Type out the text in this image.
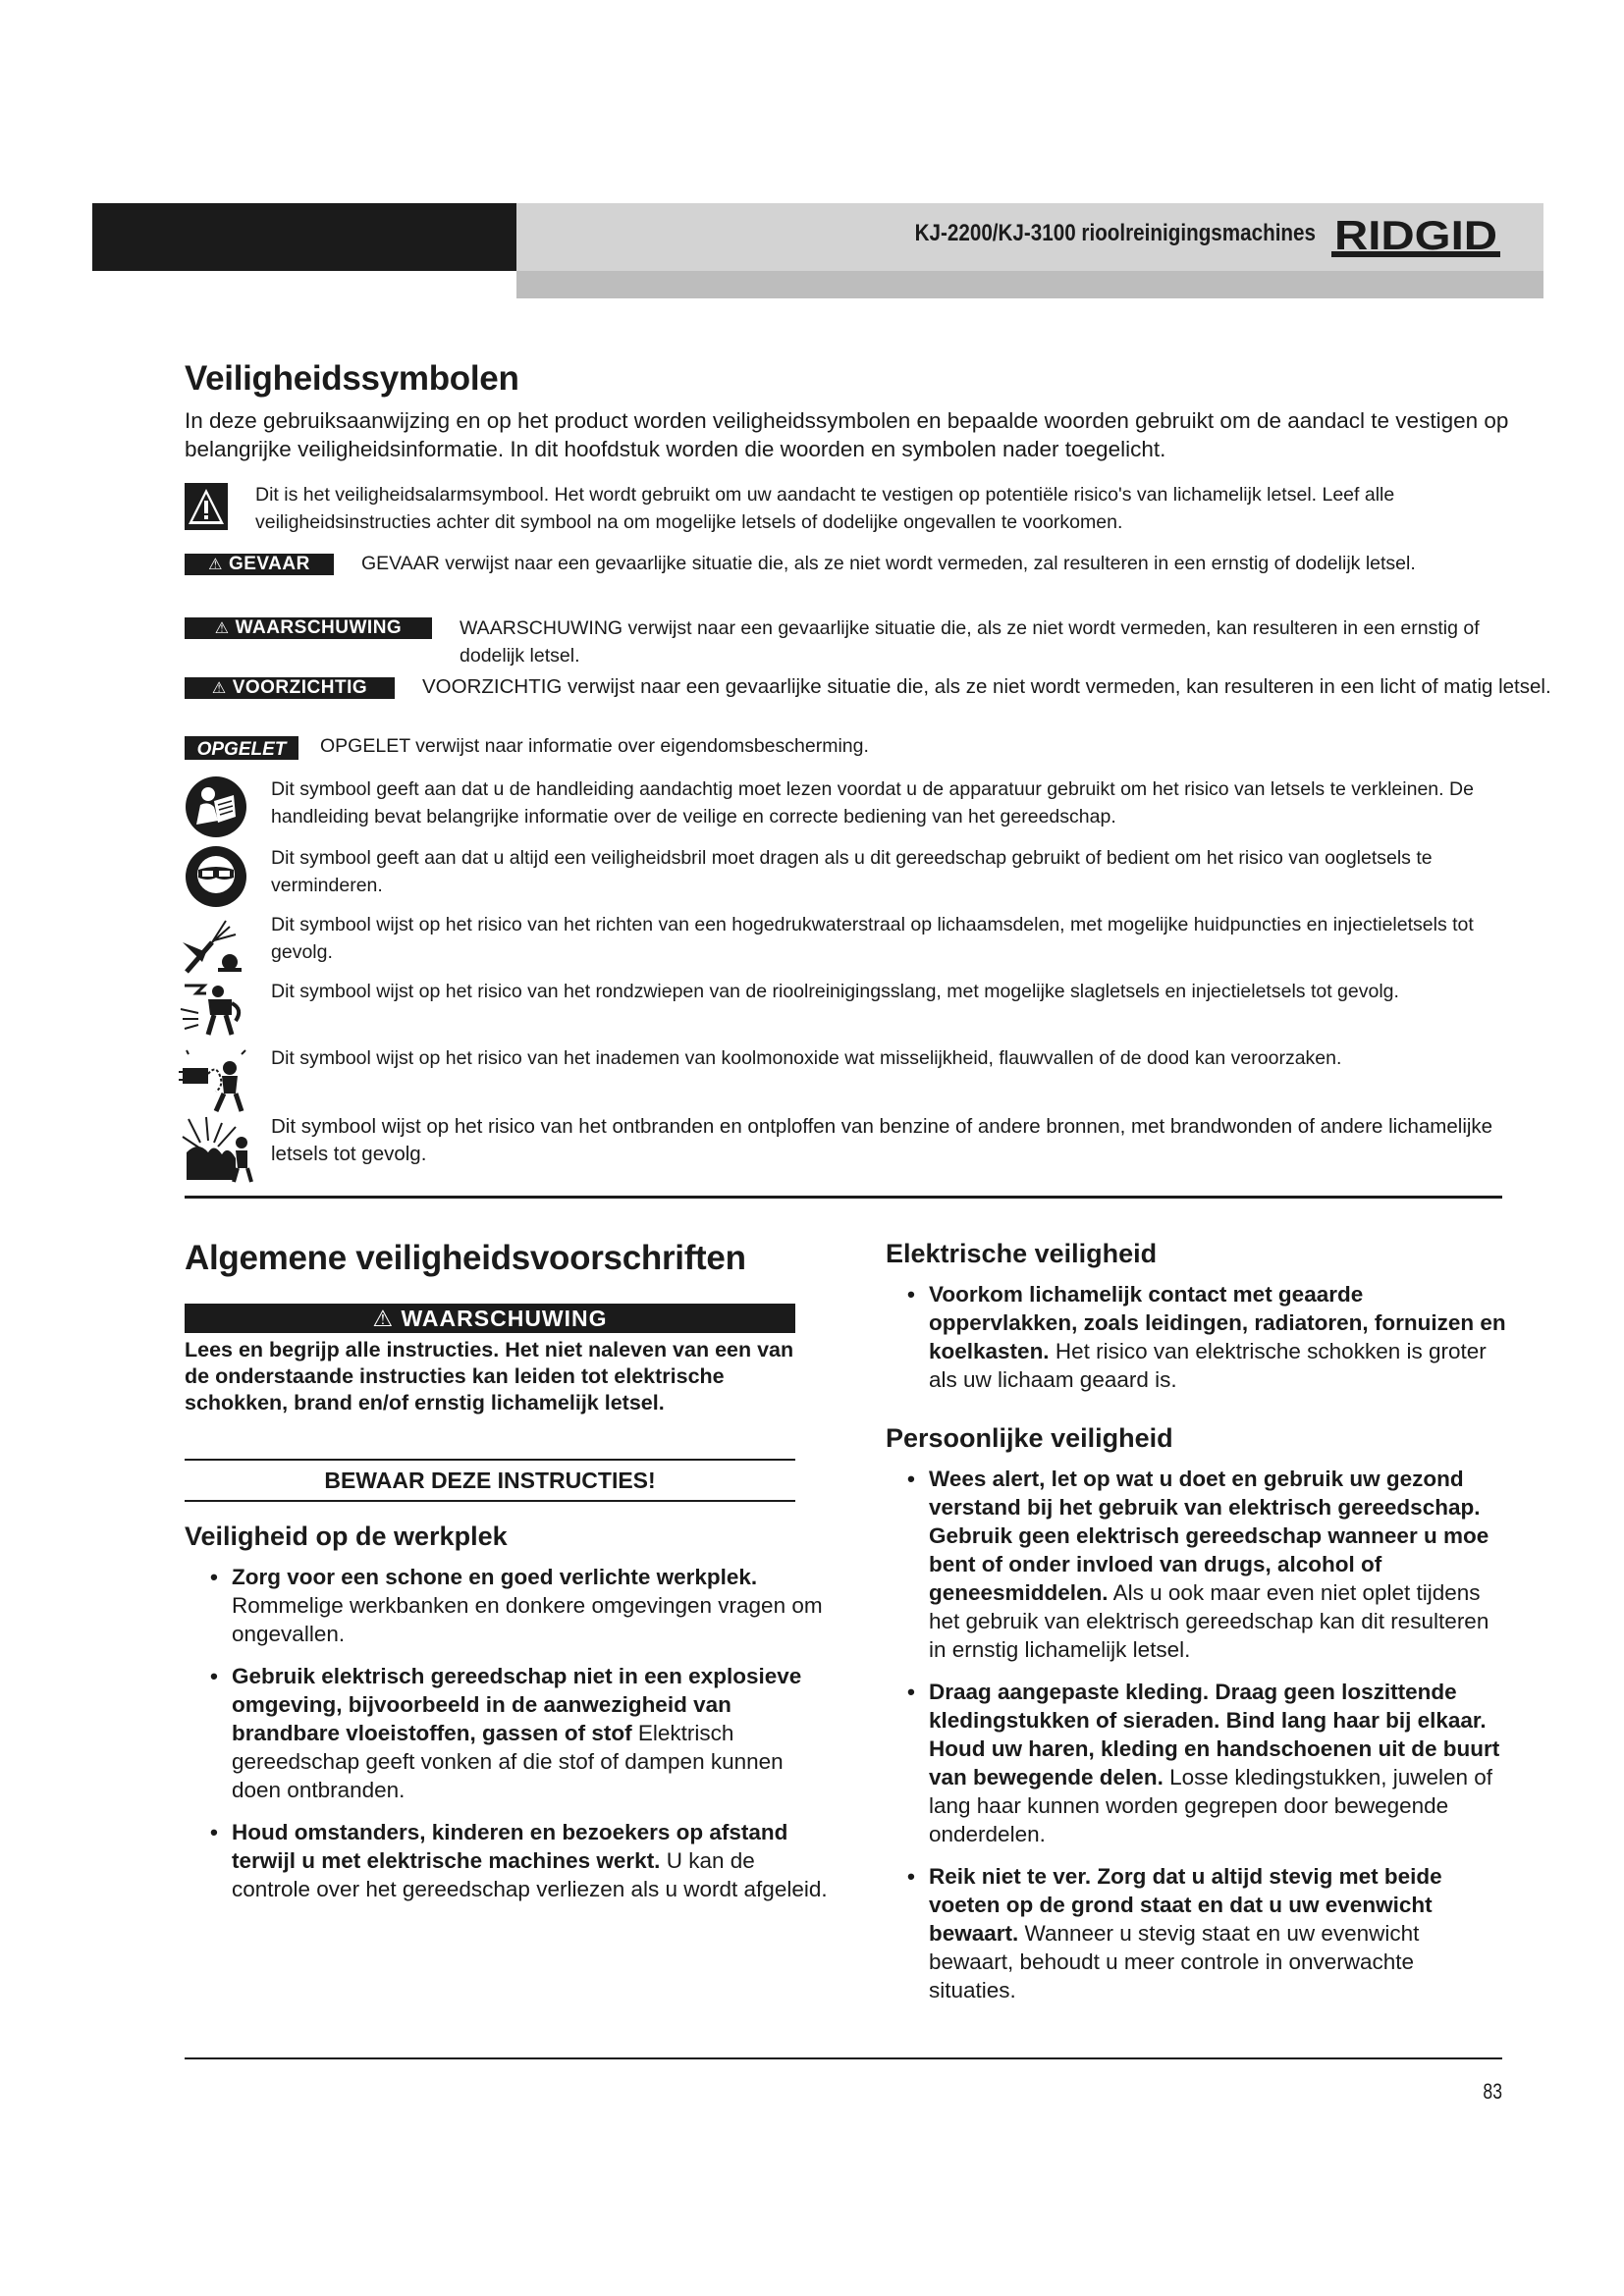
KJ-2200/KJ-3100 rioolreinigingsmachines RIDGID
Veiligheidssymbolen

In deze gebruiksaanwijzing en op het product worden veiligheidssymbolen en bepaalde woorden gebruikt om de aandacl te vestigen op belangrijke veiligheidsinformatie. In dit hoofdstuk worden die woorden en symbolen nader toegelicht.

Dit is het veiligheidsalarmsymbool. Het wordt gebruikt om uw aandacht te vestigen op potentiële risico's van lichamelijk letsel. Leef alle veiligheidsinstructies achter dit symbool na om mogelijke letsels of dodelijke ongevallen te voorkomen.

⚠ GEVAAR	GEVAAR verwijst naar een gevaarlijke situatie die, als ze niet wordt vermeden, zal resulteren in een ernstig of dodelijk letsel.

⚠ WAARSCHUWING	WAARSCHUWING verwijst naar een gevaarlijke situatie die, als ze niet wordt vermeden, kan resulteren in een ernstig of dodelijk letsel.

⚠ VOORZICHTIG	VOORZICHTIG verwijst naar een gevaarlijke situatie die, als ze niet wordt vermeden, kan resulteren in een licht of matig letsel.

OPGELET	OPGELET verwijst naar informatie over eigendomsbescherming.

Dit symbool geeft aan dat u de handleiding aandachtig moet lezen voordat u de apparatuur gebruikt om het risico van letsels te verkleinen. De handleiding bevat belangrijke informatie over de veilige en correcte bediening van het gereedschap.

Dit symbool geeft aan dat u altijd een veiligheidsbril moet dragen als u dit gereedschap gebruikt of bedient om het risico van oogletsels te verminderen.

Dit symbool wijst op het risico van het richten van een hogedrukwaterstraal op lichaamsdelen, met mogelijke huidpuncties en injectieletsels tot gevolg.

Dit symbool wijst op het risico van het rondzwiepen van de rioolreinigingsslang, met mogelijke slagletsels en injectieletsels tot gevolg.

Dit symbool wijst op het risico van het inademen van koolmonoxide wat misselijkheid, flauwvallen of de dood kan veroorzaken.

Dit symbool wijst op het risico van het ontbranden en ontploffen van benzine of andere bronnen, met brandwonden of andere lichamelijke letsels tot gevolg.

Algemene veiligheidsvoorschriften
⚠ WAARSCHUWING

Lees en begrijp alle instructies. Het niet naleven van een van de onderstaande instructies kan leiden tot elektrische schokken, brand en/of ernstig lichamelijk letsel.

BEWAAR DEZE INSTRUCTIES!
Veiligheid op de werkplek
• Zorg voor een schone en goed verlichte werkplek. Rommelige werkbanken en donkere omgevingen vragen om ongevallen.
• Gebruik elektrisch gereedschap niet in een explosieve omgeving, bijvoorbeeld in de aanwezigheid van brandbare vloeistoffen, gassen of stof Elektrisch gereedschap geeft vonken af die stof of dampen kunnen doen ontbranden.
• Houd omstanders, kinderen en bezoekers op afstand terwijl u met elektrische machines werkt. U kan de controle over het gereedschap verliezen als u wordt afgeleid.
Elektrische veiligheid
• Voorkom lichamelijk contact met geaarde oppervlakken, zoals leidingen, radiatoren, fornuizen en koelkasten. Het risico van elektrische schokken is groter als uw lichaam geaard is.
Persoonlijke veiligheid
• Wees alert, let op wat u doet en gebruik uw gezond verstand bij het gebruik van elektrisch gereedschap. Gebruik geen elektrisch gereedschap wanneer u moe bent of onder invloed van drugs, alcohol of geneesmiddelen. Als u ook maar even niet oplet tijdens het gebruik van elektrisch gereedschap kan dit resulteren in ernstig lichamelijk letsel.
• Draag aangepaste kleding. Draag geen loszittende kledingstukken of sieraden. Bind lang haar bij elkaar. Houd uw haren, kleding en handschoenen uit de buurt van bewegende delen. Losse kledingstukken, juwelen of lang haar kunnen worden gegrepen door bewegende onderdelen.
• Reik niet te ver. Zorg dat u altijd stevig met beide voeten op de grond staat en dat u uw evenwicht bewaart. Wanneer u stevig staat en uw evenwicht bewaart, behoudt u meer controle in onverwachte situaties.
83
